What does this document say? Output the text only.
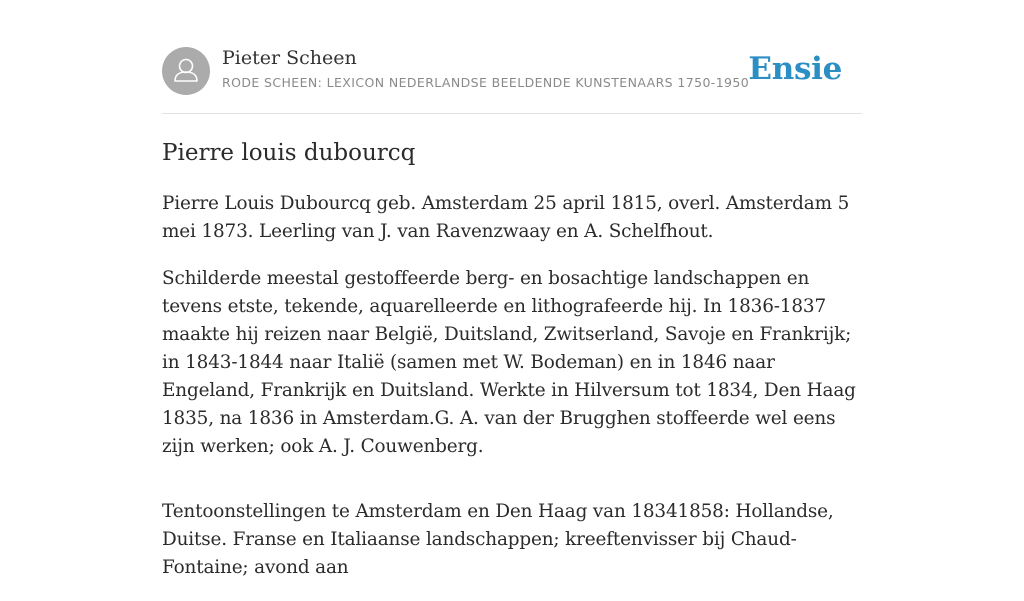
Pieter Scheen
RODE SCHEEN: LEXICON NEDERLANDSE BEELDENDE KUNSTENAARS 1750-1950 Ensie
Pierre louis dubourcq

Pierre Louis Dubourcq geb. Amsterdam 25 april 1815, overl. Amsterdam 5 mei 1873. Leerling van J. van Ravenzwaay en A. Schelfhout.

Schilderde meestal gestoffeerde berg- en bosachtige landschappen en tevens etste, tekende, aquarelleerde en lithografeerde hij. In 1836-1837 maakte hij reizen naar België, Duitsland, Zwitserland, Savoje en Frankrijk; in 1843-1844 naar Italië (samen met W. Bodeman) en in 1846 naar Engeland, Frankrijk en Duitsland. Werkte in Hilversum tot 1834, Den Haag 1835, na 1836 in Amsterdam.G. A. van der Brugghen stoffeerde wel eens zijn werken; ook A. J. Couwenberg.

Tentoonstellingen te Amsterdam en Den Haag van 18341858: Hollandse, Duitse. Franse en Italiaanse landschappen; kreeftenvisser bij Chaud-Fontaine; avond aan
